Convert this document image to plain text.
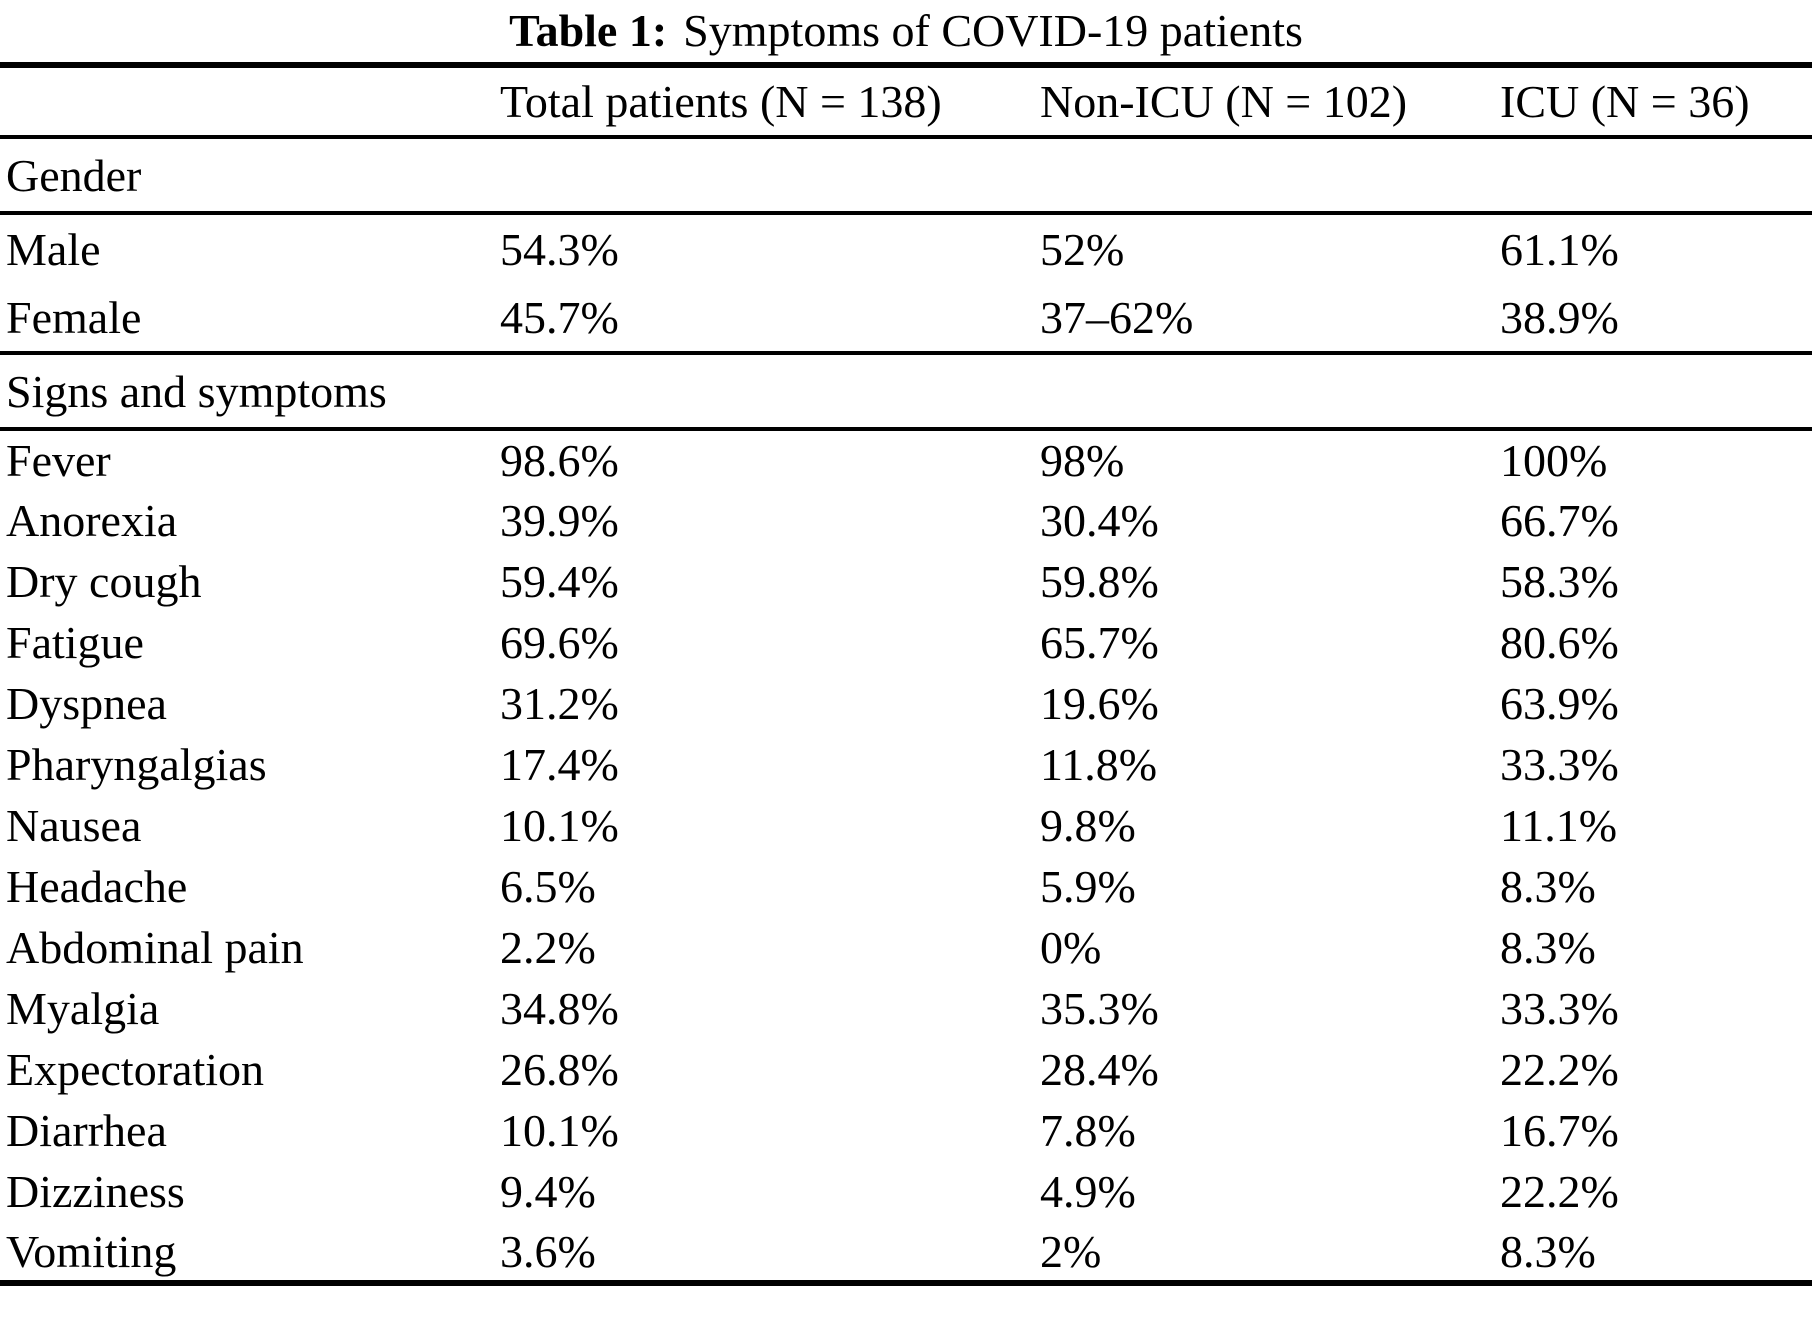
Table 1: Symptoms of COVID-19 patients
	Total patients (N = 138)	Non-ICU (N = 102)	ICU (N = 36)
Gender			
Male	54.3%	52%	61.1%
Female	45.7%	37–62%	38.9%
Signs and symptoms			
Fever	98.6%	98%	100%
Anorexia	39.9%	30.4%	66.7%
Dry cough	59.4%	59.8%	58.3%
Fatigue	69.6%	65.7%	80.6%
Dyspnea	31.2%	19.6%	63.9%
Pharyngalgias	17.4%	11.8%	33.3%
Nausea	10.1%	9.8%	11.1%
Headache	6.5%	5.9%	8.3%
Abdominal pain	2.2%	0%	8.3%
Myalgia	34.8%	35.3%	33.3%
Expectoration	26.8%	28.4%	22.2%
Diarrhea	10.1%	7.8%	16.7%
Dizziness	9.4%	4.9%	22.2%
Vomiting	3.6%	2%	8.3%
